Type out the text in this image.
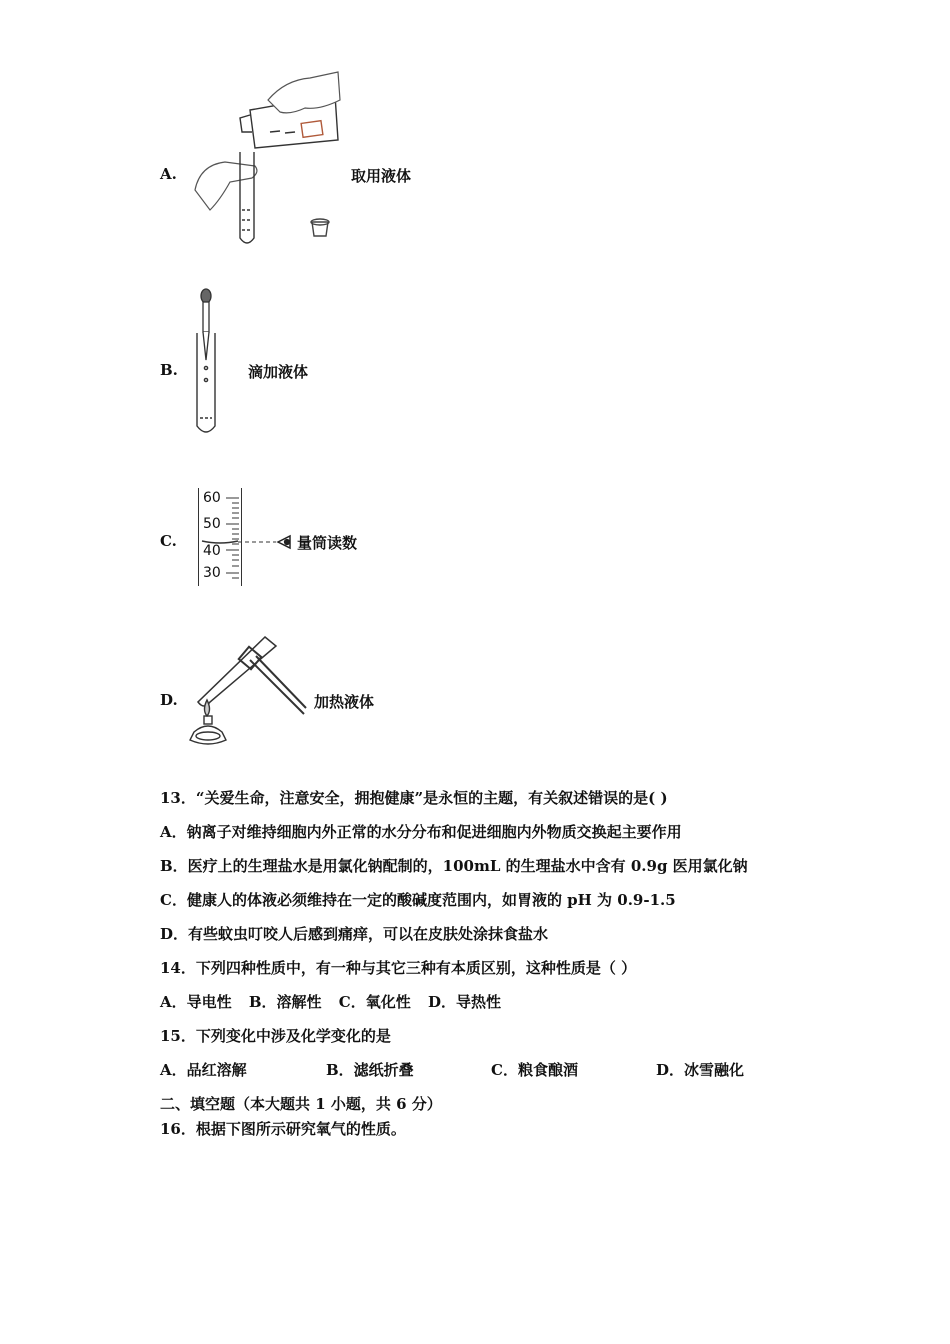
A.	取用液体
B.	滴加液体
C.
60
50
40
30
量筒读数
D.	加热液体
13．“关爱生命，注意安全，拥抱健康”是永恒的主题，有关叙述错误的是( )
A．钠离子对维持细胞内外正常的水分分布和促进细胞内外物质交换起主要作用
B．医疗上的生理盐水是用氯化钠配制的，100mL 的生理盐水中含有 0.9g 医用氯化钠
C．健康人的体液必须维持在一定的酸碱度范围内，如胃液的 pH 为 0.9-1.5
D．有些蚊虫叮咬人后感到痛痒，可以在皮肤处涂抹食盐水
14．下列四种性质中，有一种与其它三种有本质区别，这种性质是（ ）
A．导电性 B．溶解性 C．氧化性 D．导热性
15．下列变化中涉及化学变化的是
A．品红溶解	B．滤纸折叠	C．粮食酿酒	D．冰雪融化
二、填空题（本大题共 1 小题，共 6 分）
16．根据下图所示研究氧气的性质。
